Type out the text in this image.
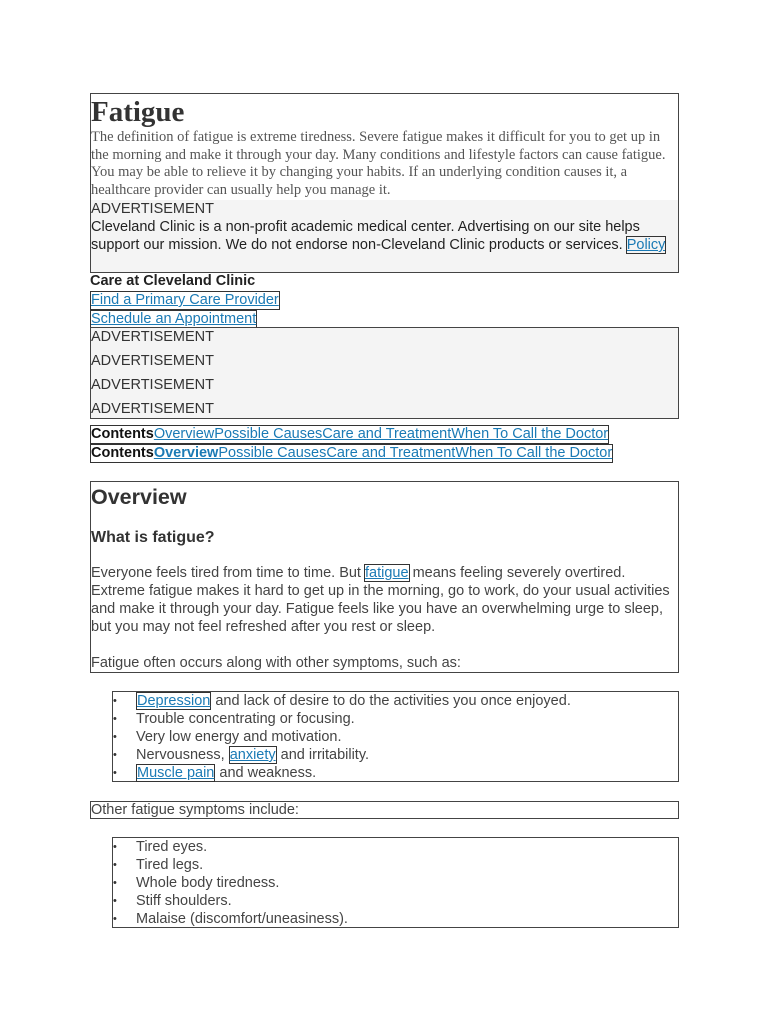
Fatigue
The definition of fatigue is extreme tiredness. Severe fatigue makes it difficult for you to get up in the morning and make it through your day. Many conditions and lifestyle factors can cause fatigue. You may be able to relieve it by changing your habits. If an underlying condition causes it, a healthcare provider can usually help you manage it.
ADVERTISEMENT
Cleveland Clinic is a non-profit academic medical center. Advertising on our site helps support our mission. We do not endorse non-Cleveland Clinic products or services. Policy
Care at Cleveland Clinic
Find a Primary Care Provider
Schedule an Appointment
ADVERTISEMENT
ADVERTISEMENT
ADVERTISEMENT
ADVERTISEMENT
ContentsOverviewPossible CausesCare and TreatmentWhen To Call the Doctor
ContentsOverviewPossible CausesCare and TreatmentWhen To Call the Doctor
Overview
What is fatigue?
Everyone feels tired from time to time. But fatigue means feeling severely overtired. Extreme fatigue makes it hard to get up in the morning, go to work, do your usual activities and make it through your day. Fatigue feels like you have an overwhelming urge to sleep, but you may not feel refreshed after you rest or sleep.
Fatigue often occurs along with other symptoms, such as:
• Depression and lack of desire to do the activities you once enjoyed.
• Trouble concentrating or focusing.
• Very low energy and motivation.
• Nervousness, anxiety and irritability.
• Muscle pain and weakness.
Other fatigue symptoms include:
• Tired eyes.
• Tired legs.
• Whole body tiredness.
• Stiff shoulders.
• Malaise (discomfort/uneasiness).
